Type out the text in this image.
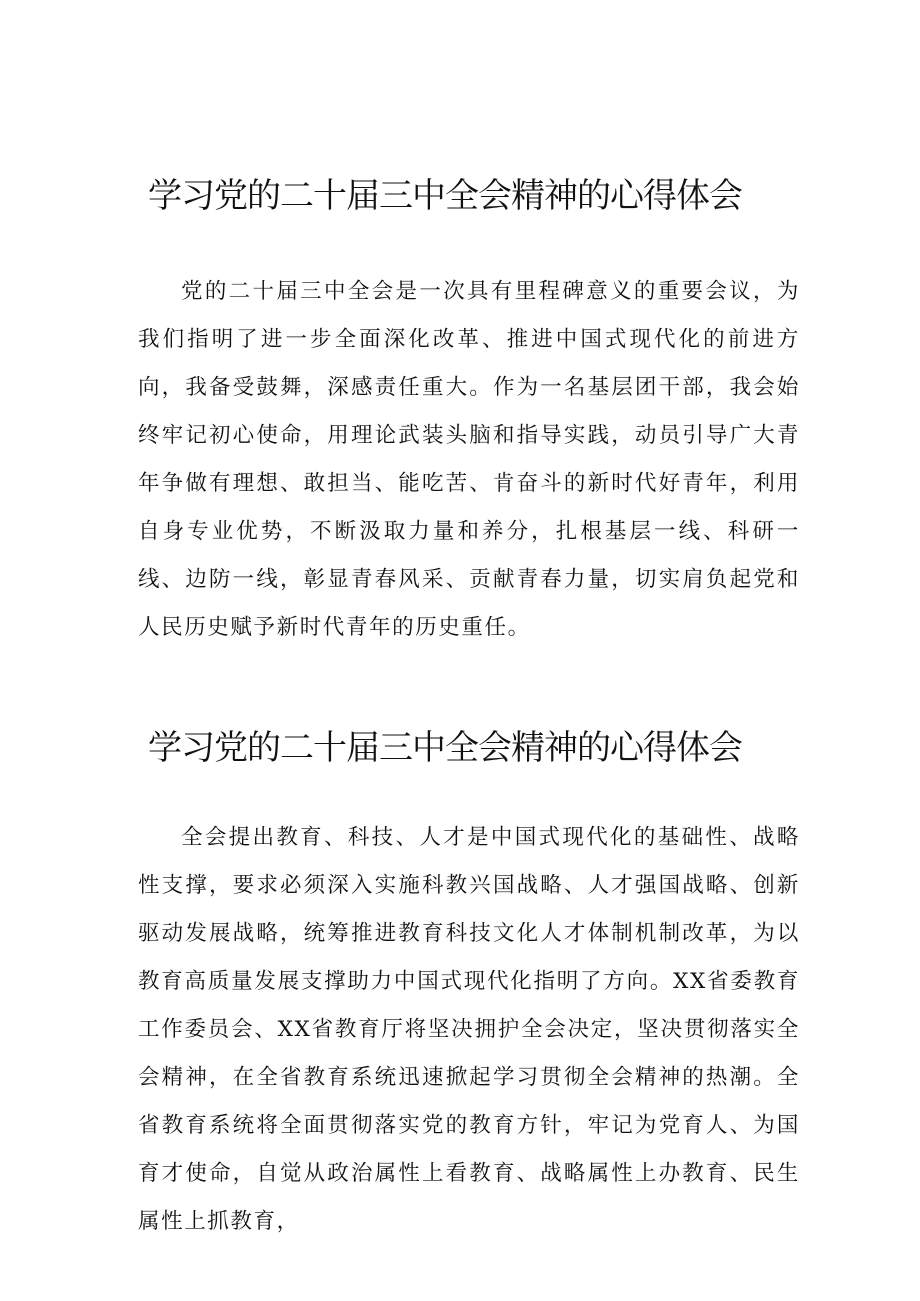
学习党的二十届三中全会精神的心得体会

党的二十届三中全会是一次具有里程碑意义的重要会议，为我们指明了进一步全面深化改革、推进中国式现代化的前进方向，我备受鼓舞，深感责任重大。作为一名基层团干部，我会始终牢记初心使命，用理论武装头脑和指导实践，动员引导广大青年争做有理想、敢担当、能吃苦、肯奋斗的新时代好青年，利用自身专业优势，不断汲取力量和养分，扎根基层一线、科研一线、边防一线，彰显青春风采、贡献青春力量，切实肩负起党和人民历史赋予新时代青年的历史重任。

学习党的二十届三中全会精神的心得体会

全会提出教育、科技、人才是中国式现代化的基础性、战略性支撑，要求必须深入实施科教兴国战略、人才强国战略、创新驱动发展战略，统筹推进教育科技文化人才体制机制改革，为以教育高质量发展支撑助力中国式现代化指明了方向。XX省委教育工作委员会、XX省教育厅将坚决拥护全会决定，坚决贯彻落实全会精神，在全省教育系统迅速掀起学习贯彻全会精神的热潮。全省教育系统将全面贯彻落实党的教育方针，牢记为党育人、为国育才使命，自觉从政治属性上看教育、战略属性上办教育、民生属性上抓教育，
